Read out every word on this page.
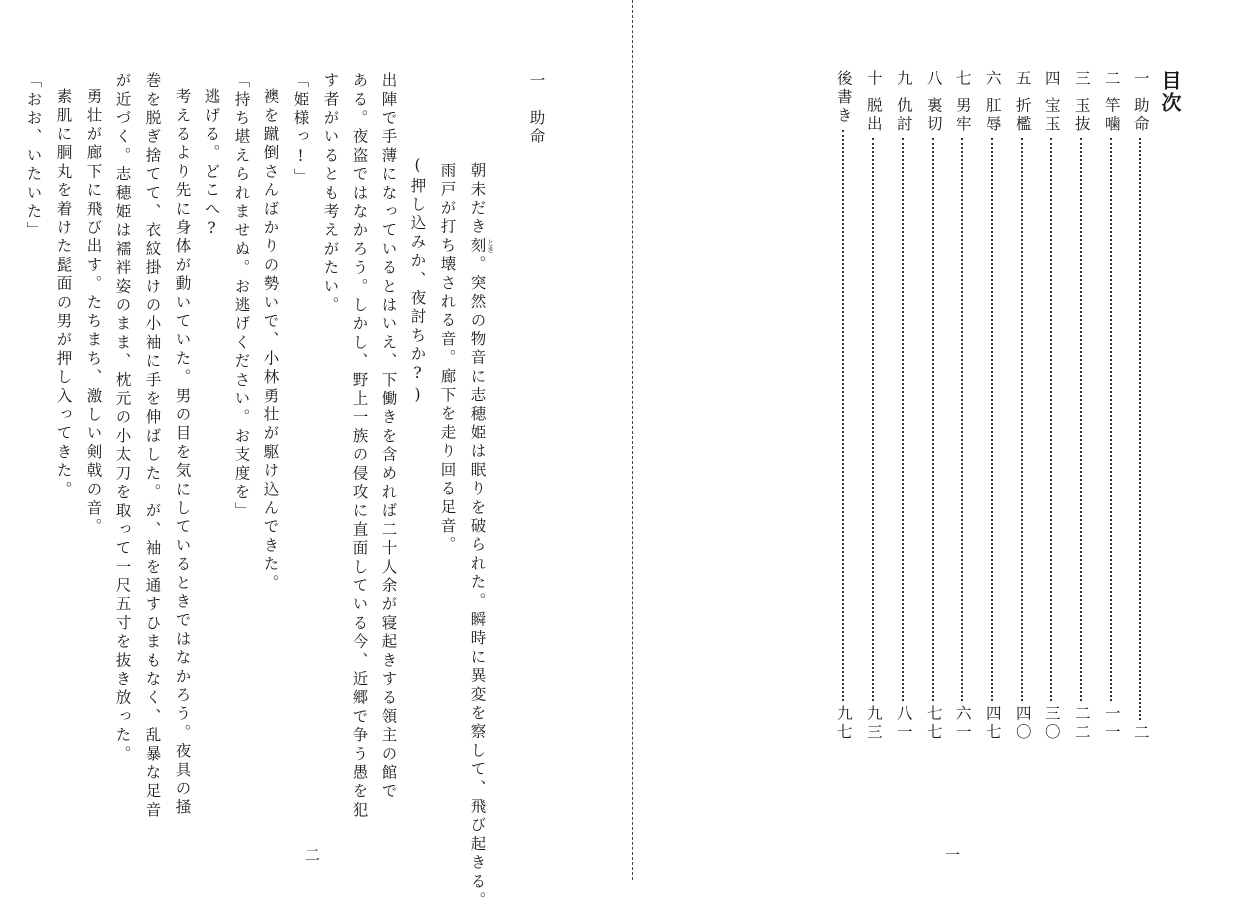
一　助命
朝未だき刻 とき
。突然の物音に志穂姫は眠りを破られた。瞬時に異変を察して、飛び起きる。
雨戸が打ち壊される音。廊下を走り回る足音。
(押し込みか、夜討ちか?)
出陣で手薄になっているとはいえ、下働きを含めれば二十人余が寝起きする領主の館で
ある。夜盗ではなかろう。しかし、野上一族の侵攻に直面している今、近郷で争う愚を犯
す者がいるとも考えがたい。
「姫様っ!」
襖を蹴倒さんばかりの勢いで、小林勇壮が駆け込んできた。
「持ち堪えられませぬ。お逃げください。お支度を」
逃げる。どこへ?
考えるより先に身体が動いていた。男の目を気にしているときではなかろう。夜具の掻
巻を脱ぎ捨てて、衣紋掛けの小袖に手を伸ばした。が、袖を通すひまもなく、乱暴な足音
が近づく。志穂姫は襦袢姿のまま、枕元の小太刀を取って一尺五寸を抜き放った。
勇壮が廊下に飛び出す。たちまち、激しい剣戟の音。
素肌に胴丸を着けた髭面の男が押し入ってきた。
「おお、いたいた」
二
目次
一
助命
二
二
竿噛
一一
三
玉抜
二二
四
宝玉
三〇
五
折檻
四〇
六
肛辱
四七
七
男牢
六一
八
裏切
七七
九
仇討
八一
十
脱出
九三
後書き
九七
一
